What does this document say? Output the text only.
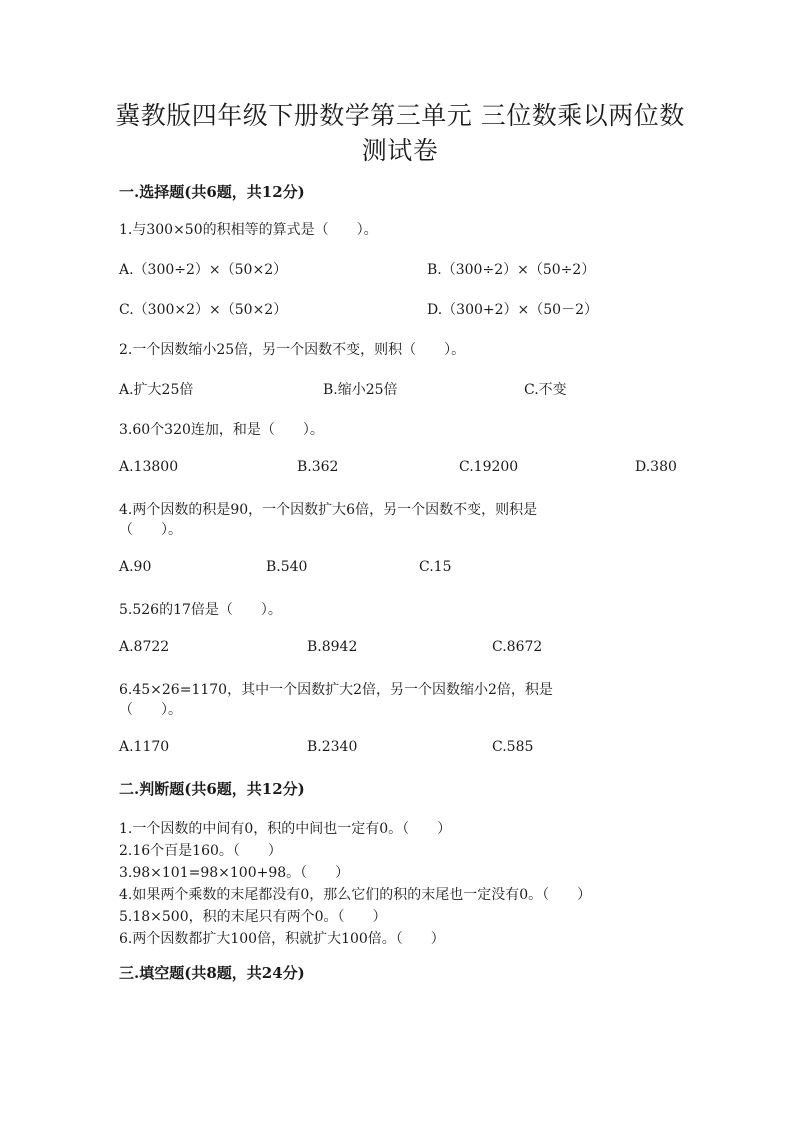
冀教版四年级下册数学第三单元 三位数乘以两位数
测试卷
一.选择题(共6题，共12分)
1.与300×50的积相等的算式是（　　）。
A.（300÷2）×（50×2）	B.（300÷2）×（50÷2）
C.（300×2）×（50×2）	D.（300+2）×（50－2）
2.一个因数缩小25倍，另一个因数不变，则积（　　）。
A.扩大25倍	B.缩小25倍	C.不变
3.60个320连加，和是（　　）。
A.13800	B.362	C.19200	D.380
4.两个因数的积是90，一个因数扩大6倍，另一个因数不变，则积是
（　　）。
A.90	B.540	C.15
5.526的17倍是（　　）。
A.8722	B.8942	C.8672
6.45×26=1170，其中一个因数扩大2倍，另一个因数缩小2倍，积是
（　　）。
A.1170	B.2340	C.585
二.判断题(共6题，共12分)
1.一个因数的中间有0，积的中间也一定有0。（　　）
2.16个百是160。（　　）
3.98×101=98×100+98。（　　）
4.如果两个乘数的末尾都没有0，那么它们的积的末尾也一定没有0。（　　）
5.18×500，积的末尾只有两个0。（　　）
6.两个因数都扩大100倍，积就扩大100倍。（　　）
三.填空题(共8题，共24分)
